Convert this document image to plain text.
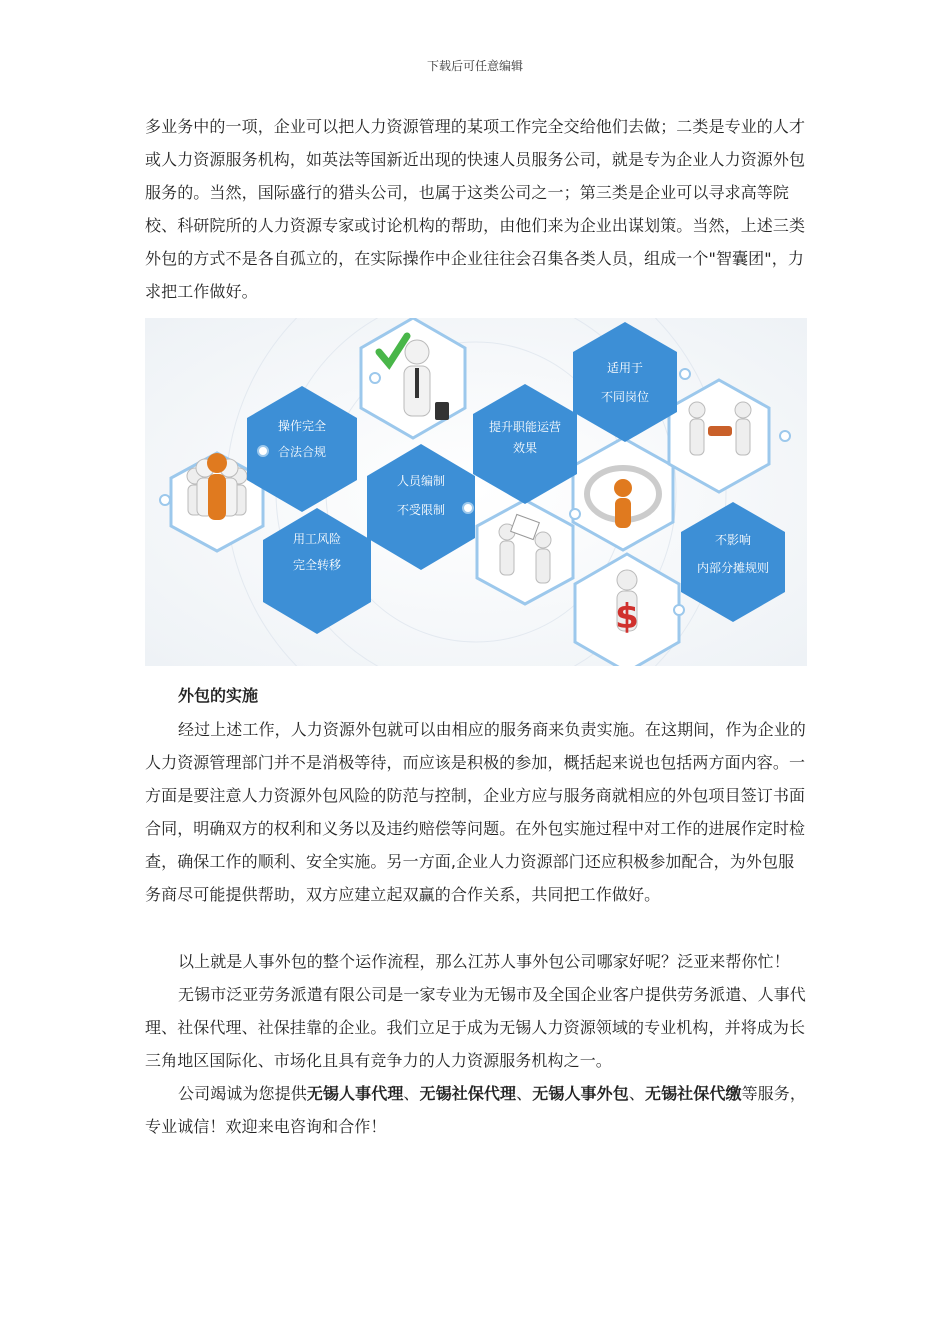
下载后可任意编辑

多业务中的一项，企业可以把人力资源管理的某项工作完全交给他们去做；二类是专业的人才或人力资源服务机构，如英法等国新近出现的快速人员服务公司，就是专为企业人力资源外包服务的。当然，国际盛行的猎头公司，也属于这类公司之一；第三类是企业可以寻求高等院校、科研院所的人力资源专家或讨论机构的帮助，由他们来为企业出谋划策。当然，上述三类外包的方式不是各自孤立的，在实际操作中企业往往会召集各类人员，组成一个"智囊团"，力求把工作做好。

$
操作完全
合法合规
用工风险
完全转移
人员编制
不受限制
提升职能运营
效果
适用于
不同岗位
不影响
内部分摊规则

外包的实施

经过上述工作，人力资源外包就可以由相应的服务商来负责实施。在这期间，作为企业的人力资源管理部门并不是消极等待，而应该是积极的参加，概括起来说也包括两方面内容。一方面是要注意人力资源外包风险的防范与控制，企业方应与服务商就相应的外包项目签订书面合同，明确双方的权利和义务以及违约赔偿等问题。在外包实施过程中对工作的进展作定时检查，确保工作的顺利、安全实施。另一方面,企业人力资源部门还应积极参加配合，为外包服务商尽可能提供帮助，双方应建立起双赢的合作关系，共同把工作做好。

以上就是人事外包的整个运作流程，那么江苏人事外包公司哪家好呢？泛亚来帮你忙！

无锡市泛亚劳务派遣有限公司是一家专业为无锡市及全国企业客户提供劳务派遣、人事代理、社保代理、社保挂靠的企业。我们立足于成为无锡人力资源领域的专业机构，并将成为长三角地区国际化、市场化且具有竞争力的人力资源服务机构之一。

公司竭诚为您提供无锡人事代理、无锡社保代理、无锡人事外包、无锡社保代缴等服务，专业诚信！欢迎来电咨询和合作！
